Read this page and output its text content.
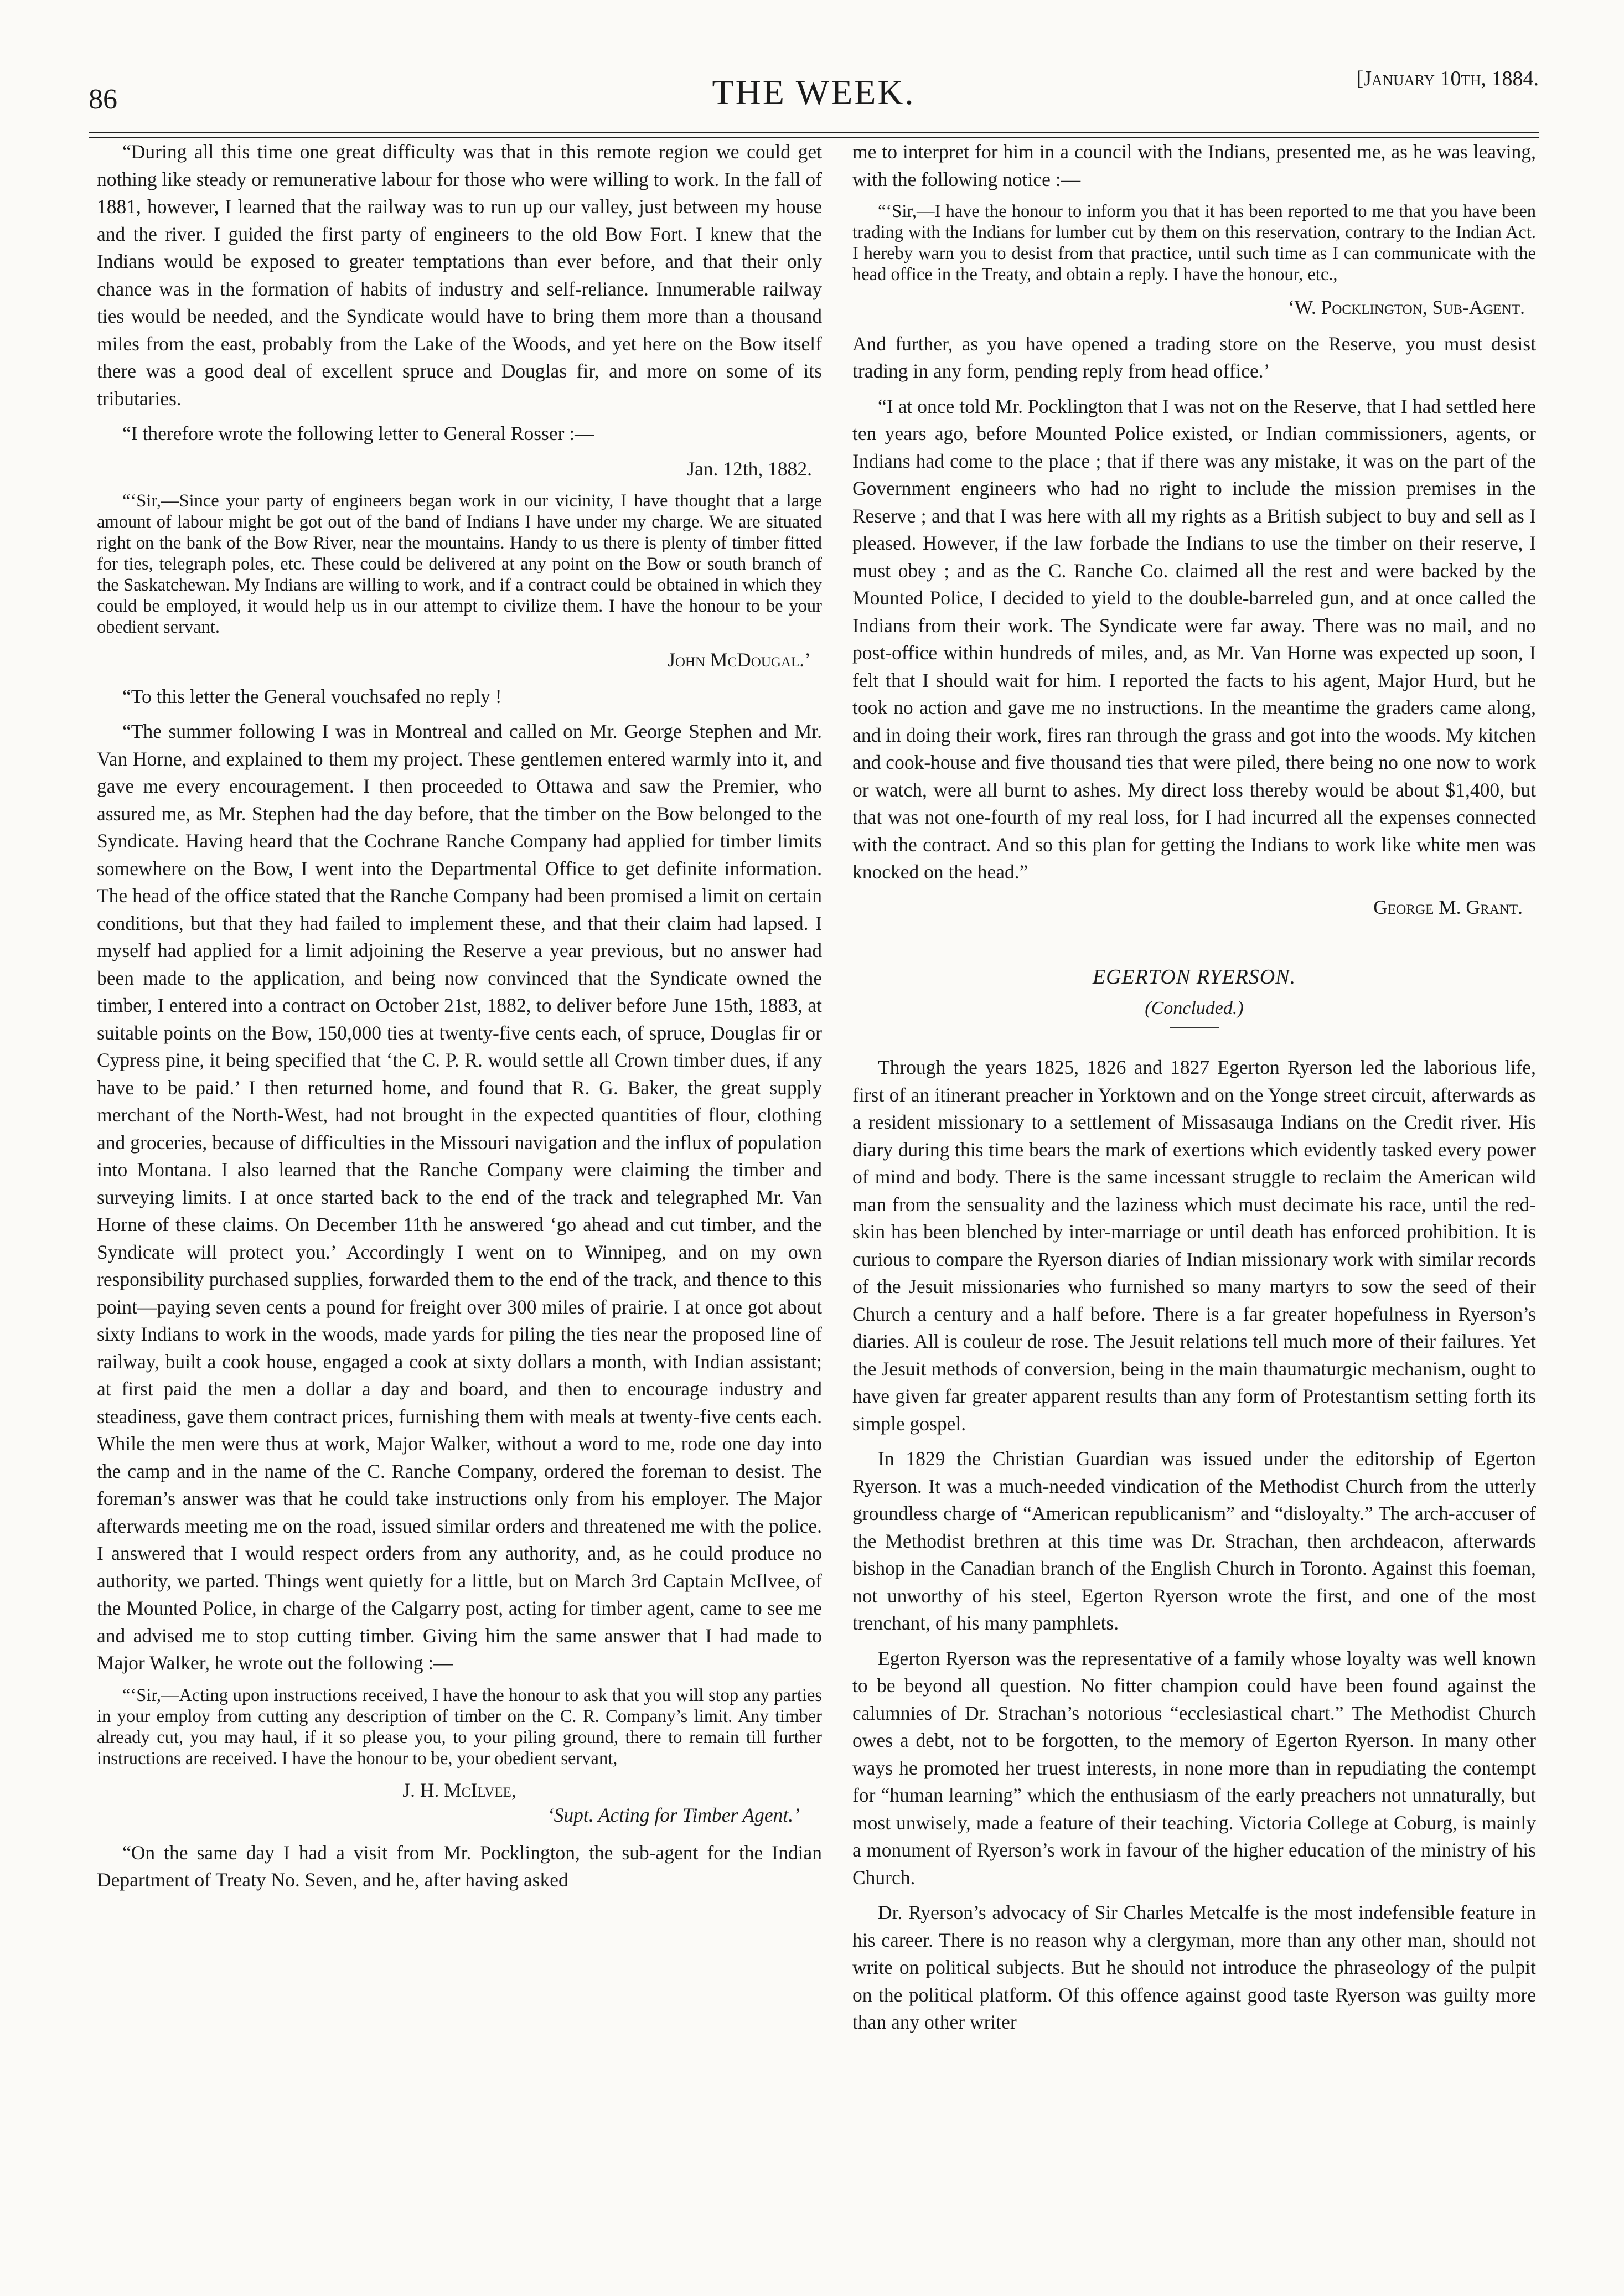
86	THE WEEK.	[January 10th, 1884.

“During all this time one great difficulty was that in this remote region we could get nothing like steady or remunerative labour for those who were willing to work. In the fall of 1881, however, I learned that the railway was to run up our valley, just between my house and the river. I guided the first party of engineers to the old Bow Fort. I knew that the Indians would be exposed to greater temptations than ever before, and that their only chance was in the formation of habits of industry and self-reliance. Innumerable railway ties would be needed, and the Syndicate would have to bring them more than a thousand miles from the east, probably from the Lake of the Woods, and yet here on the Bow itself there was a good deal of excellent spruce and Douglas fir, and more on some of its tributaries.

“I therefore wrote the following letter to General Rosser :—

Jan. 12th, 1882.

“‘Sir,—Since your party of engineers began work in our vicinity, I have thought that a large amount of labour might be got out of the band of Indians I have under my charge. We are situated right on the bank of the Bow River, near the mountains. Handy to us there is plenty of timber fitted for ties, telegraph poles, etc. These could be delivered at any point on the Bow or south branch of the Saskatchewan. My Indians are willing to work, and if a contract could be obtained in which they could be employed, it would help us in our attempt to civilize them. I have the honour to be your obedient servant.

John McDougal.’

“To this letter the General vouchsafed no reply !

“The summer following I was in Montreal and called on Mr. George Stephen and Mr. Van Horne, and explained to them my project. These gentlemen entered warmly into it, and gave me every encouragement. I then proceeded to Ottawa and saw the Premier, who assured me, as Mr. Stephen had the day before, that the timber on the Bow belonged to the Syndicate. Having heard that the Cochrane Ranche Company had applied for timber limits somewhere on the Bow, I went into the Departmental Office to get definite information. The head of the office stated that the Ranche Company had been promised a limit on certain conditions, but that they had failed to implement these, and that their claim had lapsed. I myself had applied for a limit adjoining the Reserve a year previous, but no answer had been made to the application, and being now convinced that the Syndicate owned the timber, I entered into a contract on October 21st, 1882, to deliver before June 15th, 1883, at suitable points on the Bow, 150,000 ties at twenty-five cents each, of spruce, Douglas fir or Cypress pine, it being specified that ‘the C. P. R. would settle all Crown timber dues, if any have to be paid.’ I then returned home, and found that R. G. Baker, the great supply merchant of the North-West, had not brought in the expected quantities of flour, clothing and groceries, because of difficulties in the Missouri navigation and the influx of population into Montana. I also learned that the Ranche Company were claiming the timber and surveying limits. I at once started back to the end of the track and telegraphed Mr. Van Horne of these claims. On December 11th he answered ‘go ahead and cut timber, and the Syndicate will protect you.’ Accordingly I went on to Winnipeg, and on my own responsibility purchased supplies, forwarded them to the end of the track, and thence to this point—paying seven cents a pound for freight over 300 miles of prairie. I at once got about sixty Indians to work in the woods, made yards for piling the ties near the proposed line of railway, built a cook house, engaged a cook at sixty dollars a month, with Indian assistant; at first paid the men a dollar a day and board, and then to encourage industry and steadiness, gave them contract prices, furnishing them with meals at twenty-five cents each. While the men were thus at work, Major Walker, without a word to me, rode one day into the camp and in the name of the C. Ranche Company, ordered the foreman to desist. The foreman’s answer was that he could take instructions only from his employer. The Major afterwards meeting me on the road, issued similar orders and threatened me with the police. I answered that I would respect orders from any authority, and, as he could produce no authority, we parted. Things went quietly for a little, but on March 3rd Captain McIlvee, of the Mounted Police, in charge of the Calgarry post, acting for timber agent, came to see me and advised me to stop cutting timber. Giving him the same answer that I had made to Major Walker, he wrote out the following :—

“‘Sir,—Acting upon instructions received, I have the honour to ask that you will stop any parties in your employ from cutting any description of timber on the C. R. Company’s limit. Any timber already cut, you may haul, if it so please you, to your piling ground, there to remain till further instructions are received. I have the honour to be, your obedient servant,

J. H. McIlvee,
‘Supt. Acting for Timber Agent.’

“On the same day I had a visit from Mr. Pocklington, the sub-agent for the Indian Department of Treaty No. Seven, and he, after having asked

me to interpret for him in a council with the Indians, presented me, as he was leaving, with the following notice :—

“‘Sir,—I have the honour to inform you that it has been reported to me that you have been trading with the Indians for lumber cut by them on this reservation, contrary to the Indian Act. I hereby warn you to desist from that practice, until such time as I can communicate with the head office in the Treaty, and obtain a reply. I have the honour, etc.,

‘W. Pocklington, Sub-Agent.

And further, as you have opened a trading store on the Reserve, you must desist trading in any form, pending reply from head office.’

“I at once told Mr. Pocklington that I was not on the Reserve, that I had settled here ten years ago, before Mounted Police existed, or Indian commissioners, agents, or Indians had come to the place ; that if there was any mistake, it was on the part of the Government engineers who had no right to include the mission premises in the Reserve ; and that I was here with all my rights as a British subject to buy and sell as I pleased. However, if the law forbade the Indians to use the timber on their reserve, I must obey ; and as the C. Ranche Co. claimed all the rest and were backed by the Mounted Police, I decided to yield to the double-barreled gun, and at once called the Indians from their work. The Syndicate were far away. There was no mail, and no post-office within hundreds of miles, and, as Mr. Van Horne was expected up soon, I felt that I should wait for him. I reported the facts to his agent, Major Hurd, but he took no action and gave me no instructions. In the meantime the graders came along, and in doing their work, fires ran through the grass and got into the woods. My kitchen and cook-house and five thousand ties that were piled, there being no one now to work or watch, were all burnt to ashes. My direct loss thereby would be about $1,400, but that was not one-fourth of my real loss, for I had incurred all the expenses connected with the contract. And so this plan for getting the Indians to work like white men was knocked on the head.”

George M. Grant.
EGERTON RYERSON.
(Concluded.)

Through the years 1825, 1826 and 1827 Egerton Ryerson led the laborious life, first of an itinerant preacher in Yorktown and on the Yonge street circuit, afterwards as a resident missionary to a settlement of Missasauga Indians on the Credit river. His diary during this time bears the mark of exertions which evidently tasked every power of mind and body. There is the same incessant struggle to reclaim the American wild man from the sensuality and the laziness which must decimate his race, until the red-skin has been blenched by inter-marriage or until death has enforced prohibition. It is curious to compare the Ryerson diaries of Indian missionary work with similar records of the Jesuit missionaries who furnished so many martyrs to sow the seed of their Church a century and a half before. There is a far greater hopefulness in Ryerson’s diaries. All is couleur de rose. The Jesuit relations tell much more of their failures. Yet the Jesuit methods of conversion, being in the main thaumaturgic mechanism, ought to have given far greater apparent results than any form of Protestantism setting forth its simple gospel.

In 1829 the Christian Guardian was issued under the editorship of Egerton Ryerson. It was a much-needed vindication of the Methodist Church from the utterly groundless charge of “American republicanism” and “disloyalty.” The arch-accuser of the Methodist brethren at this time was Dr. Strachan, then archdeacon, afterwards bishop in the Canadian branch of the English Church in Toronto. Against this foeman, not unworthy of his steel, Egerton Ryerson wrote the first, and one of the most trenchant, of his many pamphlets.

Egerton Ryerson was the representative of a family whose loyalty was well known to be beyond all question. No fitter champion could have been found against the calumnies of Dr. Strachan’s notorious “ecclesiastical chart.” The Methodist Church owes a debt, not to be forgotten, to the memory of Egerton Ryerson. In many other ways he promoted her truest interests, in none more than in repudiating the contempt for “human learning” which the enthusiasm of the early preachers not unnaturally, but most unwisely, made a feature of their teaching. Victoria College at Coburg, is mainly a monument of Ryerson’s work in favour of the higher education of the ministry of his Church.

Dr. Ryerson’s advocacy of Sir Charles Metcalfe is the most indefensible feature in his career. There is no reason why a clergyman, more than any other man, should not write on political subjects. But he should not introduce the phraseology of the pulpit on the political platform. Of this offence against good taste Ryerson was guilty more than any other writer
